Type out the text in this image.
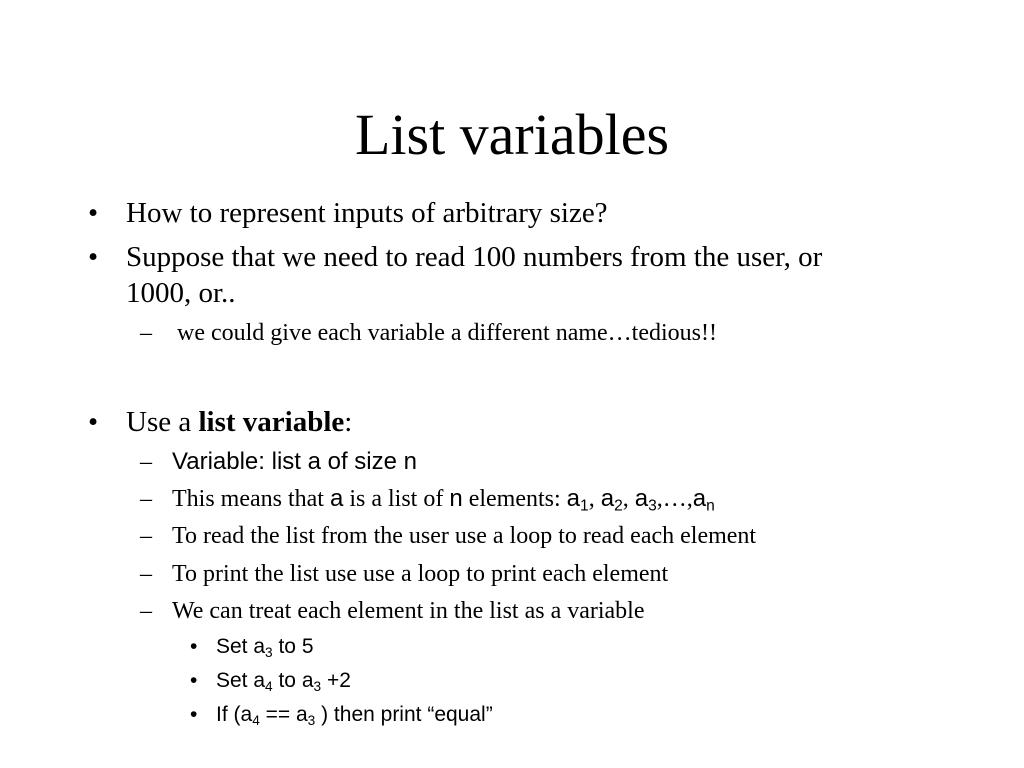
List variables
• How to represent inputs of arbitrary size?
• Suppose that we need to read 100 numbers from the user, or
1000, or..
– we could give each variable a different name…tedious!!
• Use a list variable:
– Variable: list a of size n
– This means that a is a list of n elements: $a_1$, $a_2$, $a_3,\dots,a_n$
– To read the list from the user use a loop to read each element
– To print the list use use a loop to print each element
– We can treat each element in the list as a variable
• Set $a_3$ to 5
• Set $a_4$ to $a_3 +2$
• If ($a_4 == a_3$ ) then print “equal”
